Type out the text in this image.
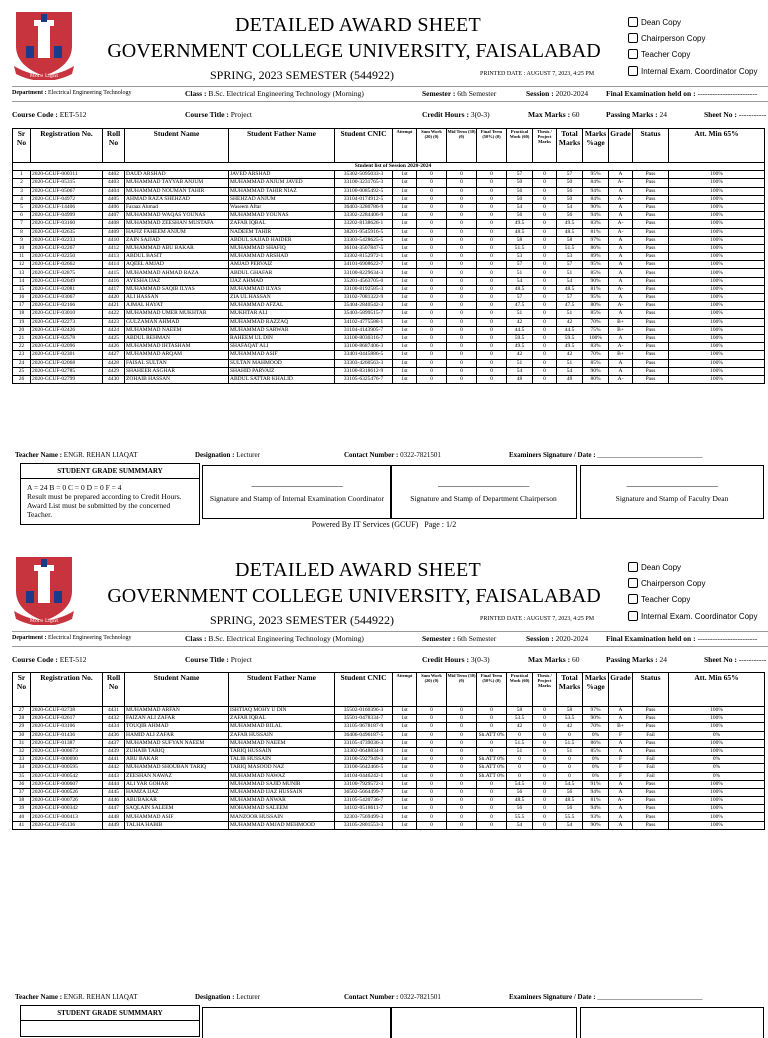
More Light
DETAILED AWARD SHEET
GOVERNMENT COLLEGE UNIVERSITY, FAISALABAD
SPRING, 2023 SEMESTER (544922)	PRINTED DATE : AUGUST 7, 2023, 4:25 PM
Dean Copy
Chairperson Copy
Teacher Copy
Internal Exam. Coordinator Copy
Department : Electrical Engineering Technology	Class : B.Sc. Electrical Engineering Technology (Morning)	Semester : 6th Semester	Session : 2020-2024 Final Examination held on : ------------------------
Course Code : EET-512	Course Title : Project	Credit Hours : 3(0-3)	Max Marks : 60	Passing Marks : 24	Sheet No : -----------
Sr No	Registration No.	Roll No	Student Name	Student Father Name	Student CNIC	Attempt	Sum Work (20) (0)	Mid Term (30) (0)	Final Term (50%) (0)	Practical Work (60)	Thesis / Project Marks	Total Marks	Marks %age	Grade	Status	Att. Min 65%
Student list of Session 2020-2024																
1	2020-GCUF-000311	4402	DAUD ARSHAD	JAVED ARSHAD	35302-5095033-3	1st	0	0	0	57	0	57	95%	A	Pass	100%
2	2020-GCUF-05315	4403	MUHAMMAD TAYYAB ANJUM	MUHAMMAD ANJUM JAVED	33100-3231765-3	1st	0	0	0	50	0	50	84%	A-	Pass	100%
3	2020-GCUF-05067	4404	MUHAMMAD NOUMAN TAHIR	MUHAMMAD TAHIR NIAZ	33100-0085492-5	1st	0	0	0	56	0	56	94%	A	Pass	100%
4	2020-GCUF-04972	4405	AHMAD RAZA SHEHZAD	SHEHZAD ANJUM	33104-0174912-5	1st	0	0	0	50	0	50	84%	A-	Pass	100%
5	2020-GCUF-14406	4406	Faraaz Ahmad	Waseem Aftar	36403-3280786-9	1st	0	0	0	54	0	54	90%	A	Pass	100%
6	2020-GCUF-04999	4407	MUHAMMAD WAQAS YOUNAS	MUHAMMAD YOUNAS	33302-2284406-9	1st	0	0	0	56	0	56	94%	A	Pass	100%
7	2020-GCUF-03160	4408	MUHAMMAD ZEESHAN MUSTAFA	ZAFAR IQBAL	33202-8138626-1	1st	0	0	0	49.5	0	49.5	83%	A-	Pass	100%
8	2020-GCUF-02635	4409	HAFIZ FAHEEM ANJUM	NADEEM TAHIR	38201-9545916-5	1st	0	0	0	48.5	0	48.5	81%	A-	Pass	100%
9	2020-GCUF-02233	4410	ZAIN SAJJAD	ABDUL SAJJAD HAIDER	33303-5428625-5	1st	0	0	0	58	0	58	97%	A	Pass	100%
10	2020-GCUF-02267	4412	MUHAMMAD ABU BAKAR	MUHAMMAD SHAFIQ	36104-3507847-5	1st	0	0	0	51.5	0	51.5	86%	A	Pass	100%
11	2020-GCUF-02250	4413	ABDUL BASIT	MUHAMMAD ARSHAD	33302-8152972-1	1st	0	0	0	53	0	53	89%	A	Pass	100%
12	2020-GCUF-02662	4414	AQEEL AMJAD	AMJAD PERVAIZ	34101-6908622-7	1st	0	0	0	57	0	57	95%	A	Pass	100%
13	2020-GCUF-02875	4415	MUHAMMAD AHMAD RAZA	ABDUL GHAFAR	33100-8229634-3	1st	0	0	0	51	0	51	85%	A	Pass	100%
14	2020-GCUF-02049	4416	AYESHA IJAZ	IJAZ AHMAD	35201-4563705-0	1st	0	0	0	54	0	54	90%	A	Pass	100%
15	2020-GCUF-02081	4417	MUHAMMAD SAQIB ILYAS	MUHAMMAD ILYAS	33100-8192585-3	1st	0	0	0	48.5	0	48.5	81%	A-	Pass	100%
16	2020-GCUF-03067	4420	ALI HASSAN	ZIA UL HASSAN	33102-7081322-9	1st	0	0	0	57	0	57	95%	A	Pass	100%
17	2020-GCUF-02166	4421	AJMAL HAYAT	MUHAMMAD AFZAL	35404-2840542-3	1st	0	0	0	47.5	0	47.5	80%	A-	Pass	100%
18	2020-GCUF-03010	4422	MUHAMMAD UMER MUKHTAR	MUKHTAR ALI	35403-5899515-7	1st	0	0	0	51	0	51	85%	A	Pass	100%
19	2020-GCUF-02273	4423	GULZAMAN AHMAD	MUHAMMAD RAZZAQ	34102-4775588-1	1st	0	0	0	42	0	42	70%	B+	Pass	100%
20	2020-GCUF-02426	4424	MUHAMMAD NAEEM	MUHAMMAD SARWAR	31104-4143905-7	1st	0	0	0	44.5	0	44.5	75%	B+	Pass	100%
21	2020-GCUF-02578	4425	ABDUL REHMAN	RAHEEM UL DIN	33100-8030316-7	1st	0	0	0	59.5	0	59.5	100%	A	Pass	100%
22	2020-GCUF-02096	4426	MUHAMMAD IHTASHAM	SHAFAQAT ALI	33100-8687406-3	1st	0	0	0	49.5	0	49.5	83%	A-	Pass	100%
23	2020-GCUF-02301	4427	MUHAMMAD ARQAM	MUHAMMAD ASIF	33401-0445886-5	1st	0	0	0	42	0	42	70%	B+	Pass	100%
24	2020-GCUF-02068	4428	FAISAL SULTAN	SULTAN MAHMOOD	33303-4260563-3	1st	0	0	0	51	0	51	85%	A	Pass	100%
25	2020-GCUF-02785	4429	SHAHEER ASGHAR	SHAHID PARVAIZ	33100-8318612-9	1st	0	0	0	54	0	54	90%	A	Pass	100%
26	2020-GCUF-02799	4430	ZOHAIB HASSAN	ABDUL SATTAR KHALID	33105-6325476-7	1st	0	0	0	48	0	48	80%	A-	Pass	100%
Teacher Name : ENGR. REHAN LIAQAT	Designation : Lecturer	Contact Number : 0322-7821501	Examiners Signature / Date : ______________________________
STUDENT GRADE SUMMMARY
A = 24 B = 0 C = 0 D = 0 F = 4
Result must be prepared according to Credit Hours. Award List must be submitted by the concerned Teacher.
-------------------------------------------------------------
Signature and Stamp of Internal Examination Coordinator
-------------------------------------------------------------
Signature and Stamp of Department Chairperson
-------------------------------------------------------------
Signature and Stamp of Faculty Dean
Powered By IT Services (GCUF) Page : 1/2
More Light
DETAILED AWARD SHEET
GOVERNMENT COLLEGE UNIVERSITY, FAISALABAD
SPRING, 2023 SEMESTER (544922)	PRINTED DATE : AUGUST 7, 2023, 4:25 PM
Dean Copy
Chairperson Copy
Teacher Copy
Internal Exam. Coordinator Copy
Department : Electrical Engineering Technology	Class : B.Sc. Electrical Engineering Technology (Morning)	Semester : 6th Semester	Session : 2020-2024 Final Examination held on : ------------------------
Course Code : EET-512	Course Title : Project	Credit Hours : 3(0-3)	Max Marks : 60	Passing Marks : 24	Sheet No : -----------
Sr No	Registration No.	Roll No	Student Name	Student Father Name	Student CNIC	Attempt	Sum Work (20) (0)	Mid Term (30) (0)	Final Term (50%) (0)	Practical Work (60)	Thesis / Project Marks	Total Marks	Marks %age	Grade	Status	Att. Min 65%
27	2020-GCUF-02738	4431	MUHAMMAD ARFAN	ISHTIAQ MOHY U DIN	35502-0160396-3	1st	0	0	0	58	0	58	97%	A	Pass	100%
28	2020-GCUF-02617	4432	FAIZAN ALI ZAFAR	ZAFAR IQBAL	35501-0478334-7	1st	0	0	0	53.5	0	53.5	90%	A	Pass	100%
29	2020-GCUF-03106	4434	TOUQIR AHMAD	MUHAMMAD BILAL	33105-9678187-9	1st	0	0	0	42	0	42	70%	B+	Pass	100%
30	2020-GCUF-01436	4436	HAMID ALI ZAFAR	ZAFAR HUSSAIN	36406-0496187-5	1st	0	0	Sh.ATT 0%	0	0	0	0%	F	Fail	0%
31	2020-GCUF-01387	4437	MUHAMMAD SUFYAN NAEEM	MUHAMMAD NAEEM	33105-4739036-3	1st	0	0	0	51.5	0	51.5	86%	A	Pass	100%
32	2020-GCUF-000673	4439	ZUHAIB TARIQ	TARIQ HUSSAIN	33302-0648834-9	1st	0	0	0	51	0	51	85%	A	Pass	100%
33	2020-GCUF-000690	4441	ABU BAKAR	TALIB HUSSAIN	33100-5927949-3	1st	0	0	Sh.ATT 0%	0	0	0	0%	F	Fail	0%
34	2020-GCUF-000595	4442	MUHAMMAD SHOUBAN TARIQ	TARIQ MASOOD NAZ	33100-5642466-5	1st	0	0	Sh.ATT 0%	0	0	0	0%	F	Fail	0%
35	2020-GCUF-000542	4443	ZEESHAN NAWAZ	MUHAMMAD NAWAZ	34104-0446242-1	1st	0	0	Sh.ATT 0%	0	0	0	0%	F	Fail	0%
36	2020-GCUF-000607	4444	ALI YAR GOHAR	MUHAMMAD SAJID MUNIR	33100-7929572-3	1st	0	0	0	54.5	0	54.5	91%	A	Pass	100%
37	2020-GCUF-000526	4445	HAMZA IJAZ	MUHAMMAD IJAZ HUSSAIN	36502-5664499-7	1st	0	0	0	56	0	56	94%	A	Pass	100%
38	2020-GCUF-000726	4446	ABUBAKAR	MUHAMMAD ANWAR	33105-5420736-7	1st	0	0	0	48.5	0	48.5	81%	A-	Pass	100%
39	2020-GCUF-000342	4447	SAQLAIN SALEEM	MOHAMMAD SALEEM	34102-0518611-7	1st	0	0	0	56	0	56	94%	A	Pass	100%
40	2020-GCUF-000413	4448	MUHAMMAD ASIF	MANZOOR HUSSAIN	32303-7569499-3	1st	0	0	0	55.5	0	55.5	93%	A	Pass	100%
41	2020-GCUF-05136	4449	TALHA HABIB	MUHAMMAD AMJAD MEHMOOD	33105-2801553-3	1st	0	0	0	54	0	54	90%	A	Pass	100%
Teacher Name : ENGR. REHAN LIAQAT	Designation : Lecturer	Contact Number : 0322-7821501	Examiners Signature / Date : ______________________________
STUDENT GRADE SUMMMARY
